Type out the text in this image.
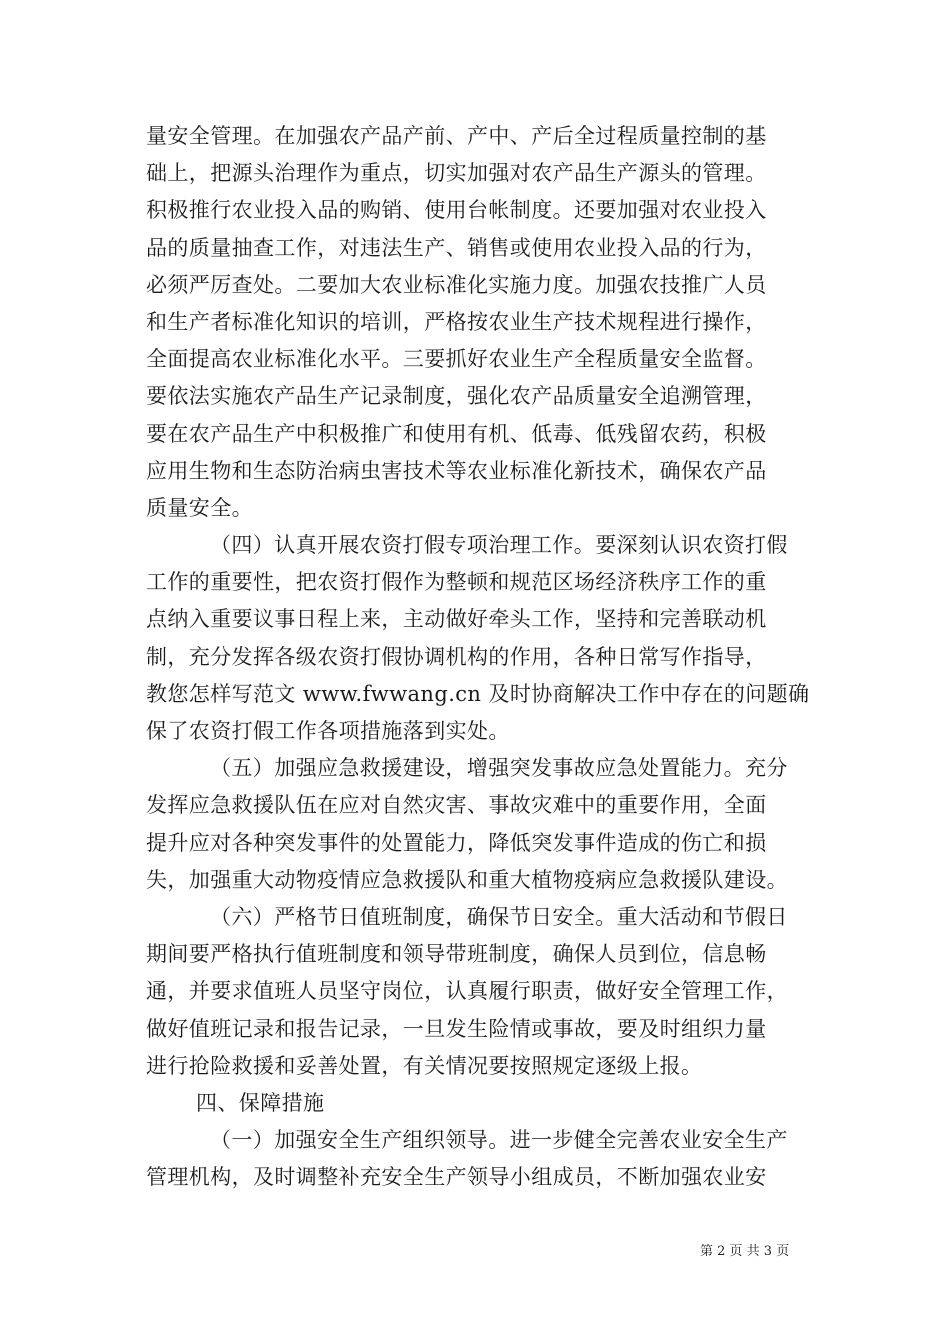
量安全管理。在加强农产品产前、产中、产后全过程质量控制的基
础上，把源头治理作为重点，切实加强对农产品生产源头的管理。
积极推行农业投入品的购销、使用台帐制度。还要加强对农业投入
品的质量抽查工作，对违法生产、销售或使用农业投入品的行为，
必须严厉查处。二要加大农业标准化实施力度。加强农技推广人员
和生产者标准化知识的培训，严格按农业生产技术规程进行操作，
全面提高农业标准化水平。三要抓好农业生产全程质量安全监督。
要依法实施农产品生产记录制度，强化农产品质量安全追溯管理，
要在农产品生产中积极推广和使用有机、低毒、低残留农药，积极
应用生物和生态防治病虫害技术等农业标准化新技术，确保农产品
质量安全。
（四）认真开展农资打假专项治理工作。要深刻认识农资打假
工作的重要性，把农资打假作为整顿和规范区场经济秩序工作的重
点纳入重要议事日程上来，主动做好牵头工作，坚持和完善联动机
制，充分发挥各级农资打假协调机构的作用，各种日常写作指导，
教您怎样写范文 www.fwwang.cn 及时协商解决工作中存在的问题确
保了农资打假工作各项措施落到实处。
（五）加强应急救援建设，增强突发事故应急处置能力。充分
发挥应急救援队伍在应对自然灾害、事故灾难中的重要作用，全面
提升应对各种突发事件的处置能力，降低突发事件造成的伤亡和损
失，加强重大动物疫情应急救援队和重大植物疫病应急救援队建设。
（六）严格节日值班制度，确保节日安全。重大活动和节假日
期间要严格执行值班制度和领导带班制度，确保人员到位，信息畅
通，并要求值班人员坚守岗位，认真履行职责，做好安全管理工作，
做好值班记录和报告记录，一旦发生险情或事故，要及时组织力量
进行抢险救援和妥善处置，有关情况要按照规定逐级上报。
四、保障措施
（一）加强安全生产组织领导。进一步健全完善农业安全生产
管理机构，及时调整补充安全生产领导小组成员，不断加强农业安
第 2 页 共 3 页
